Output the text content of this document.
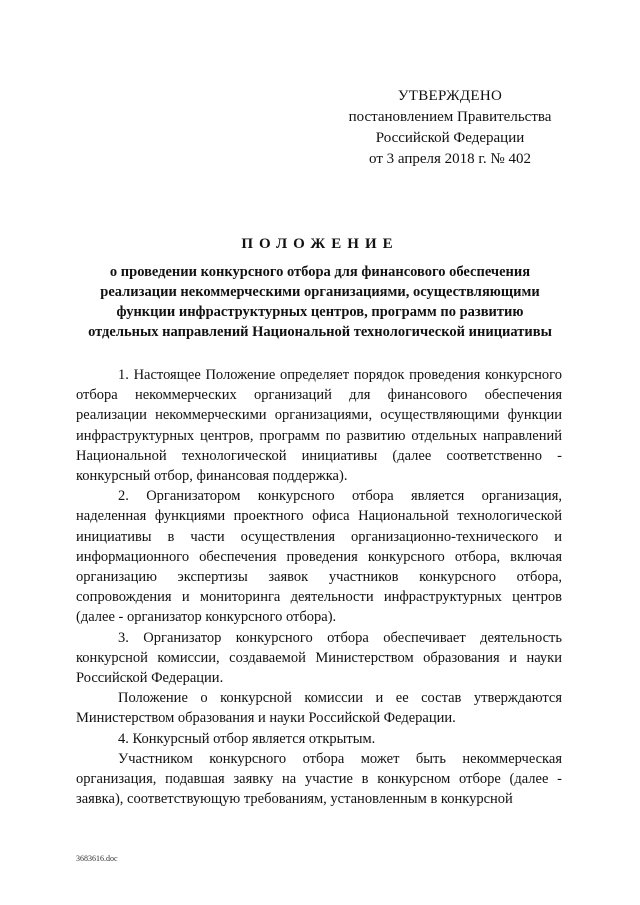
УТВЕРЖДЕНО
постановлением Правительства
Российской Федерации
от 3 апреля 2018 г. № 402
ПОЛОЖЕНИЕ
о проведении конкурсного отбора для финансового обеспечения
реализации некоммерческими организациями, осуществляющими
функции инфраструктурных центров, программ по развитию
отдельных направлений Национальной технологической инициативы

1. Настоящее Положение определяет порядок проведения конкурсного отбора некоммерческих организаций для финансового обеспечения реализации некоммерческими организациями, осуществляющими функции инфраструктурных центров, программ по развитию отдельных направлений Национальной технологической инициативы (далее соответственно - конкурсный отбор, финансовая поддержка).

2. Организатором конкурсного отбора является организация, наделенная функциями проектного офиса Национальной технологической инициативы в части осуществления организационно-технического и информационного обеспечения проведения конкурсного отбора, включая организацию экспертизы заявок участников конкурсного отбора, сопровождения и мониторинга деятельности инфраструктурных центров (далее - организатор конкурсного отбора).

3. Организатор конкурсного отбора обеспечивает деятельность конкурсной комиссии, создаваемой Министерством образования и науки Российской Федерации.

Положение о конкурсной комиссии и ее состав утверждаются Министерством образования и науки Российской Федерации.

4. Конкурсный отбор является открытым.

Участником конкурсного отбора может быть некоммерческая организация, подавшая заявку на участие в конкурсном отборе (далее - заявка), соответствующую требованиям, установленным в конкурсной

3683616.doc
